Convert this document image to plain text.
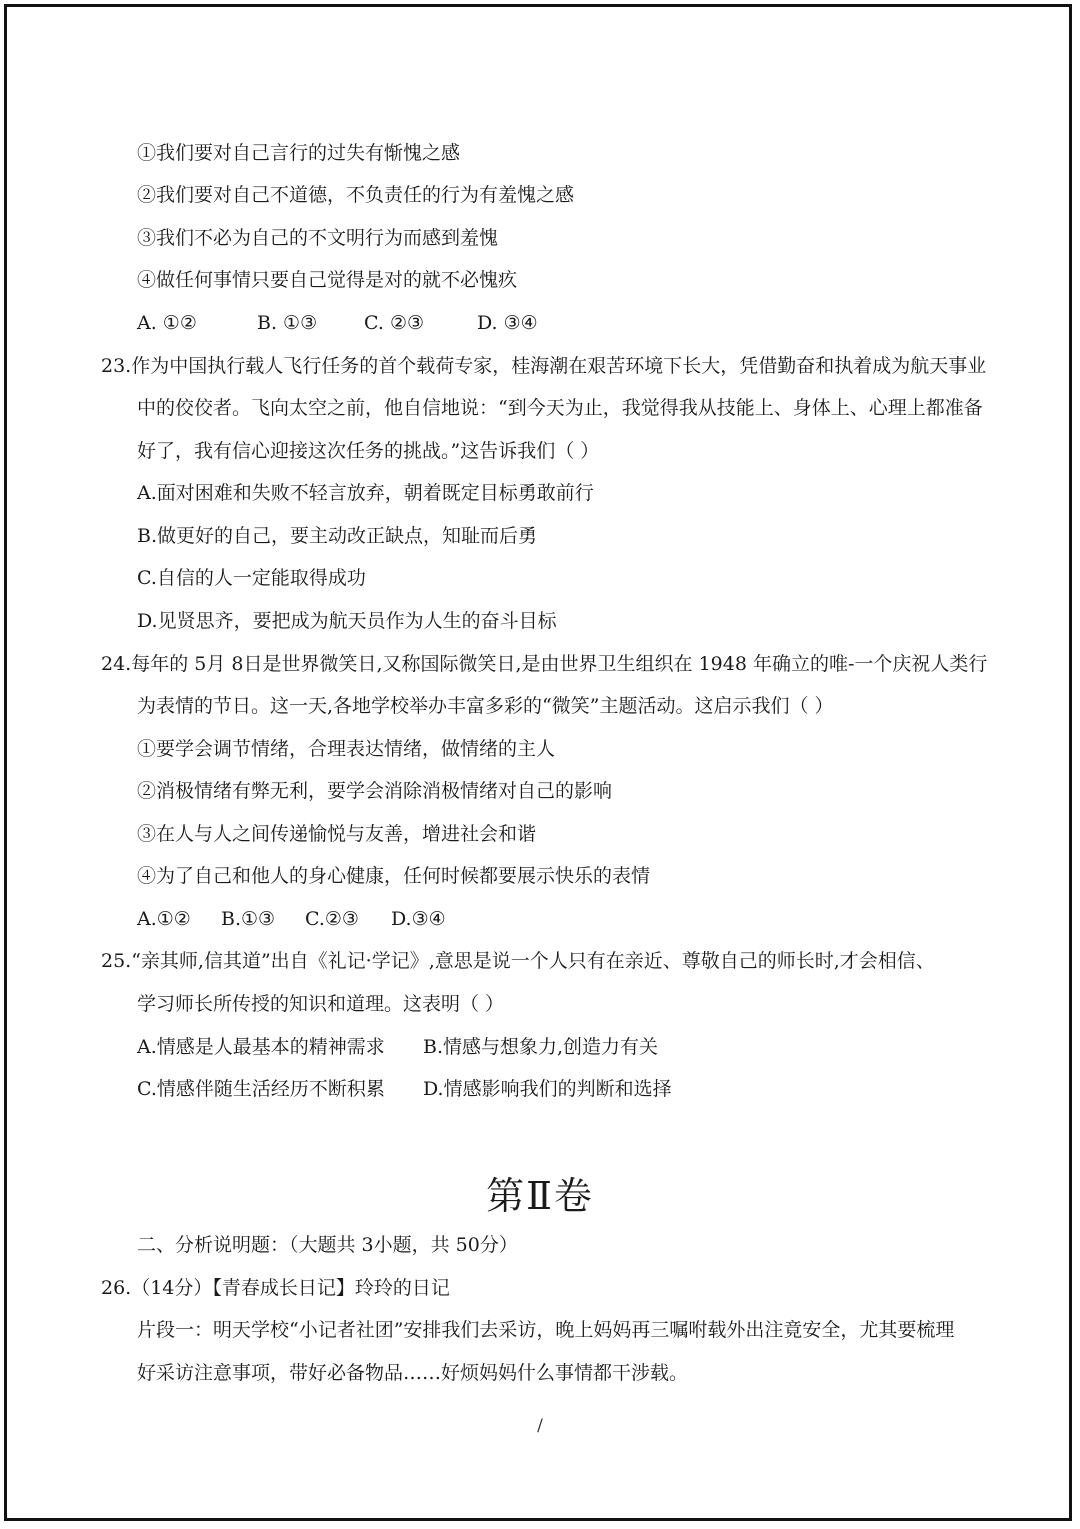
①我们要对自己言行的过失有惭愧之感
②我们要对自己不道德，不负责任的行为有羞愧之感
③我们不必为自己的不文明行为而感到羞愧
④做任何事情只要自己觉得是对的就不必愧疚
A. ①②	B. ①③ C. ②③	D. ③④
23.作为中国执行载人飞行任务的首个载荷专家，桂海潮在艰苦环境下长大，凭借勤奋和执着成为航天事业
中的佼佼者。飞向太空之前，他自信地说：“到今天为止，我觉得我从技能上、身体上、心理上都准备
好了，我有信心迎接这次任务的挑战。”这告诉我们（ ）
A.面对困难和失败不轻言放弃，朝着既定目标勇敢前行
B.做更好的自己，要主动改正缺点，知耻而后勇
C.自信的人一定能取得成功
D.见贤思齐，要把成为航天员作为人生的奋斗目标
24.每年的 5月 8日是世界微笑日,又称国际微笑日,是由世界卫生组织在 1948 年确立的唯-一个庆祝人类行
为表情的节日。这一天,各地学校举办丰富多彩的“微笑”主题活动。这启示我们（ ）
①要学会调节情绪，合理表达情绪，做情绪的主人
②消极情绪有弊无利，要学会消除消极情绪对自己的影响
③在人与人之间传递愉悦与友善，增进社会和谐
④为了自己和他人的身心健康，任何时候都要展示快乐的表情
A.①② B.①③ C.②③ D.③④
25.“亲其师,信其道”出自《礼记·学记》,意思是说一个人只有在亲近、尊敬自己的师长时,才会相信、
学习师长所传授的知识和道理。这表明（ ）
A.情感是人最基本的精神需求 B.情感与想象力,创造力有关
C.情感伴随生活经历不断积累 D.情感影响我们的判断和选择
第Ⅱ卷
二、分析说明题：（大题共 3小题，共 50分）
26.（14分）【青春成长日记】玲玲的日记
片段一：明天学校“小记者社团”安排我们去采访，晚上妈妈再三嘱咐载外出注竟安全，尤其要梳理
好采访注意事项，带好必备物品……好烦妈妈什么事情都干涉载。
/
